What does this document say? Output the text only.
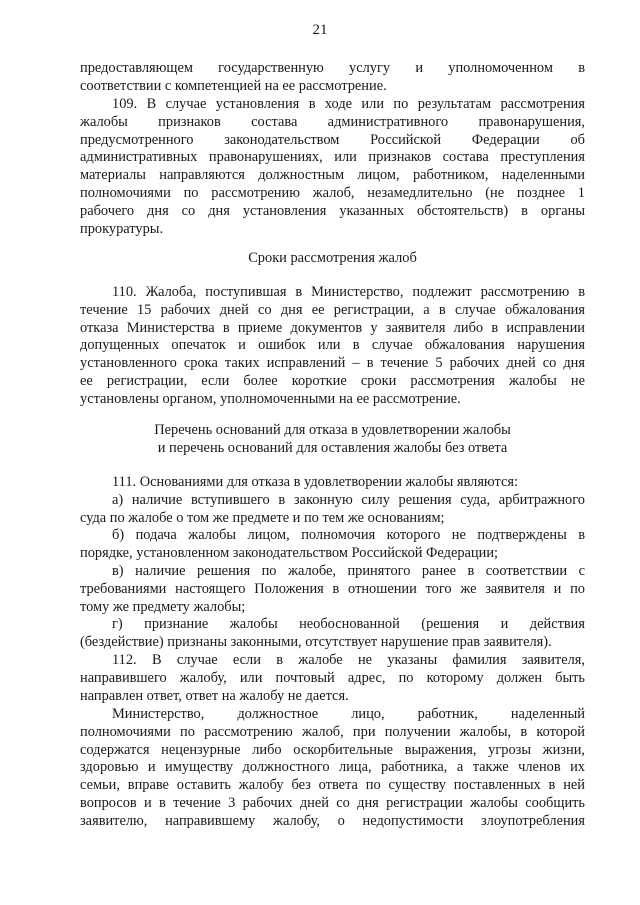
21
предоставляющем государственную услугу и уполномоченном в
соответствии с компетенцией на ее рассмотрение.
109. В случае установления в ходе или по результатам рассмотрения
жалобы признаков состава административного правонарушения,
предусмотренного законодательством Российской Федерации об
административных правонарушениях, или признаков состава преступления
материалы направляются должностным лицом, работником, наделенными
полномочиями по рассмотрению жалоб, незамедлительно (не позднее 1
рабочего дня со дня установления указанных обстоятельств) в органы
прокуратуры.
Сроки рассмотрения жалоб
110. Жалоба, поступившая в Министерство, подлежит рассмотрению в
течение 15 рабочих дней со дня ее регистрации, а в случае обжалования
отказа Министерства в приеме документов у заявителя либо в исправлении
допущенных опечаток и ошибок или в случае обжалования нарушения
установленного срока таких исправлений – в течение 5 рабочих дней со дня
ее регистрации, если более короткие сроки рассмотрения жалобы не
установлены органом, уполномоченными на ее рассмотрение.
Перечень оснований для отказа в удовлетворении жалобы
и перечень оснований для оставления жалобы без ответа
111. Основаниями для отказа в удовлетворении жалобы являются:
а) наличие вступившего в законную силу решения суда, арбитражного
суда по жалобе о том же предмете и по тем же основаниям;
б) подача жалобы лицом, полномочия которого не подтверждены в
порядке, установленном законодательством Российской Федерации;
в) наличие решения по жалобе, принятого ранее в соответствии с
требованиями настоящего Положения в отношении того же заявителя и по
тому же предмету жалобы;
г) признание жалобы необоснованной (решения и действия
(бездействие) признаны законными, отсутствует нарушение прав заявителя).
112. В случае если в жалобе не указаны фамилия заявителя,
направившего жалобу, или почтовый адрес, по которому должен быть
направлен ответ, ответ на жалобу не дается.
Министерство, должностное лицо, работник, наделенный
полномочиями по рассмотрению жалоб, при получении жалобы, в которой
содержатся нецензурные либо оскорбительные выражения, угрозы жизни,
здоровью и имуществу должностного лица, работника, а также членов их
семьи, вправе оставить жалобу без ответа по существу поставленных в ней
вопросов и в течение 3 рабочих дней со дня регистрации жалобы сообщить
заявителю, направившему жалобу, о недопустимости злоупотребления
